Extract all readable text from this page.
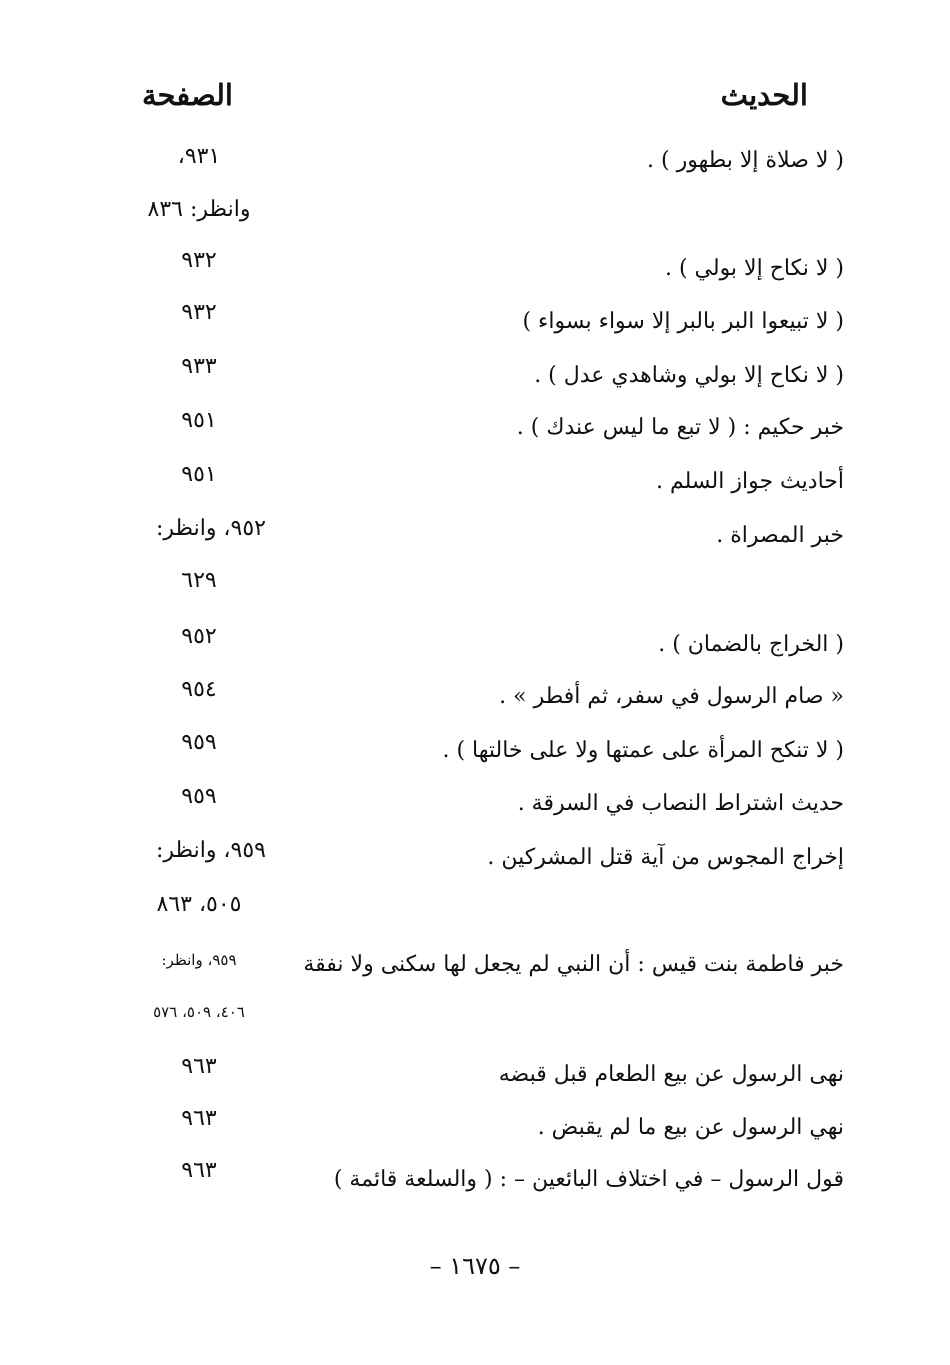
الحديث
الصفحة
( لا صلاة إلا بطهور ) .
٩٣١،
وانظر: ٨٣٦
( لا نكاح إلا بولي ) .
٩٣٢
( لا تبيعوا البر بالبر إلا سواء بسواء )
٩٣٢
( لا نكاح إلا بولي وشاهدي عدل ) .
٩٣٣
خبر حكيم : ( لا تبع ما ليس عندك ) .
٩٥١
أحاديث جواز السلم .
٩٥١
خبر المصراة .
٩٥٢، وانظر:
٦٢٩
( الخراج بالضمان ) .
٩٥٢
« صام الرسول في سفر، ثم أفطر » .
٩٥٤
( لا تنكح المرأة على عمتها ولا على خالتها ) .
٩٥٩
حديث اشتراط النصاب في السرقة .
٩٥٩
إخراج المجوس من آية قتل المشركين .
٩٥٩، وانظر:
٥٠٥، ٨٦٣
خبر فاطمة بنت قيس : أن النبي لم يجعل لها سكنى ولا نفقة
٩٥٩، وانظر:
٤٠٦، ٥٠٩، ٥٧٦
نهى الرسول عن بيع الطعام قبل قبضه
٩٦٣
نهي الرسول عن بيع ما لم يقبض .
٩٦٣
قول الرسول – في اختلاف البائعين – : ( والسلعة قائمة )
٩٦٣
– ١٦٧٥ –
